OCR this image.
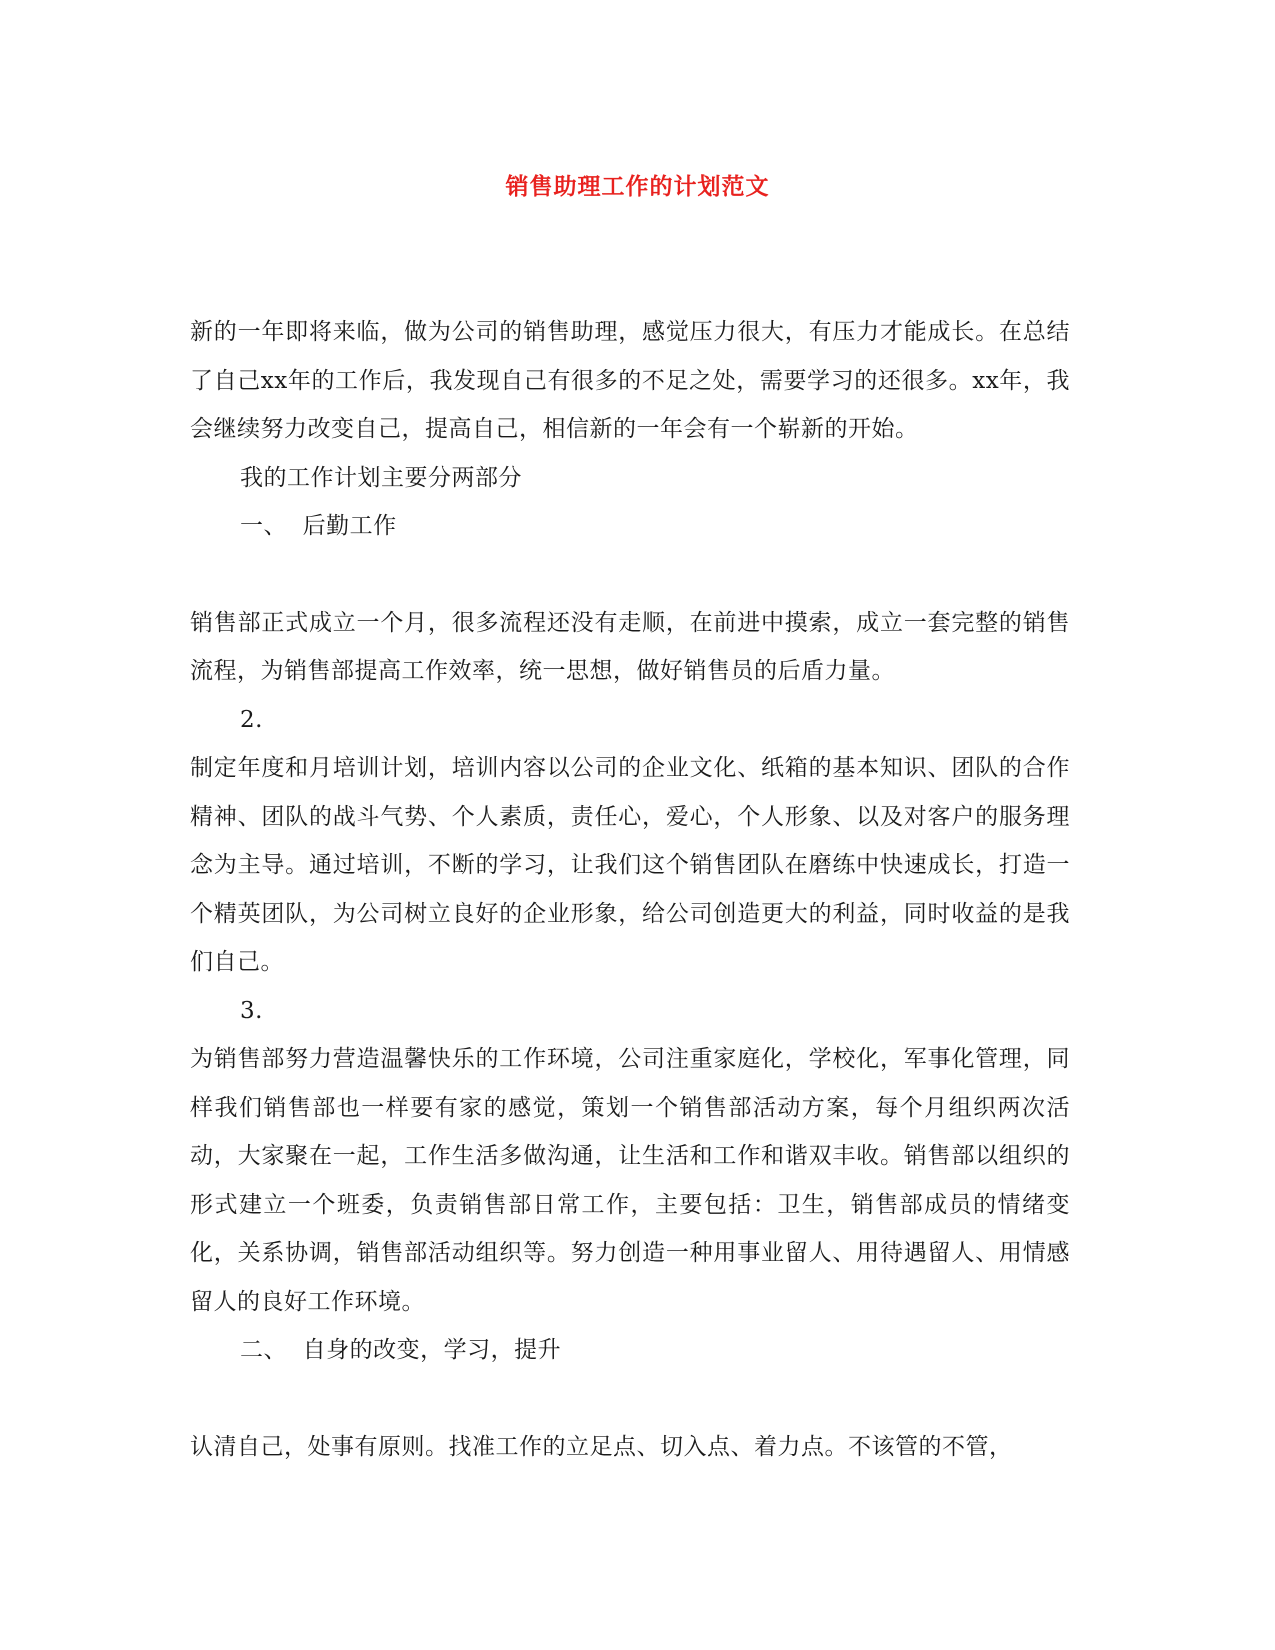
销售助理工作的计划范文

新的一年即将来临，做为公司的销售助理，感觉压力很大，有压力才能成长。在总结了自己xx年的工作后，我发现自己有很多的不足之处，需要学习的还很多。xx年，我会继续努力改变自己，提高自己，相信新的一年会有一个崭新的开始。

我的工作计划主要分两部分

一、  后勤工作

销售部正式成立一个月，很多流程还没有走顺，在前进中摸索，成立一套完整的销售流程，为销售部提高工作效率，统一思想，做好销售员的后盾力量。

2.

制定年度和月培训计划，培训内容以公司的企业文化、纸箱的基本知识、团队的合作精神、团队的战斗气势、个人素质，责任心，爱心，个人形象、以及对客户的服务理念为主导。通过培训，不断的学习，让我们这个销售团队在磨练中快速成长，打造一个精英团队，为公司树立良好的企业形象，给公司创造更大的利益，同时收益的是我们自己。

3.

为销售部努力营造温馨快乐的工作环境，公司注重家庭化，学校化，军事化管理，同样我们销售部也一样要有家的感觉，策划一个销售部活动方案，每个月组织两次活动，大家聚在一起，工作生活多做沟通，让生活和工作和谐双丰收。销售部以组织的形式建立一个班委，负责销售部日常工作，主要包括：卫生，销售部成员的情绪变化，关系协调，销售部活动组织等。努力创造一种用事业留人、用待遇留人、用情感留人的良好工作环境。

二、  自身的改变，学习，提升

认清自己，处事有原则。找准工作的立足点、切入点、着力点。不该管的不管，
